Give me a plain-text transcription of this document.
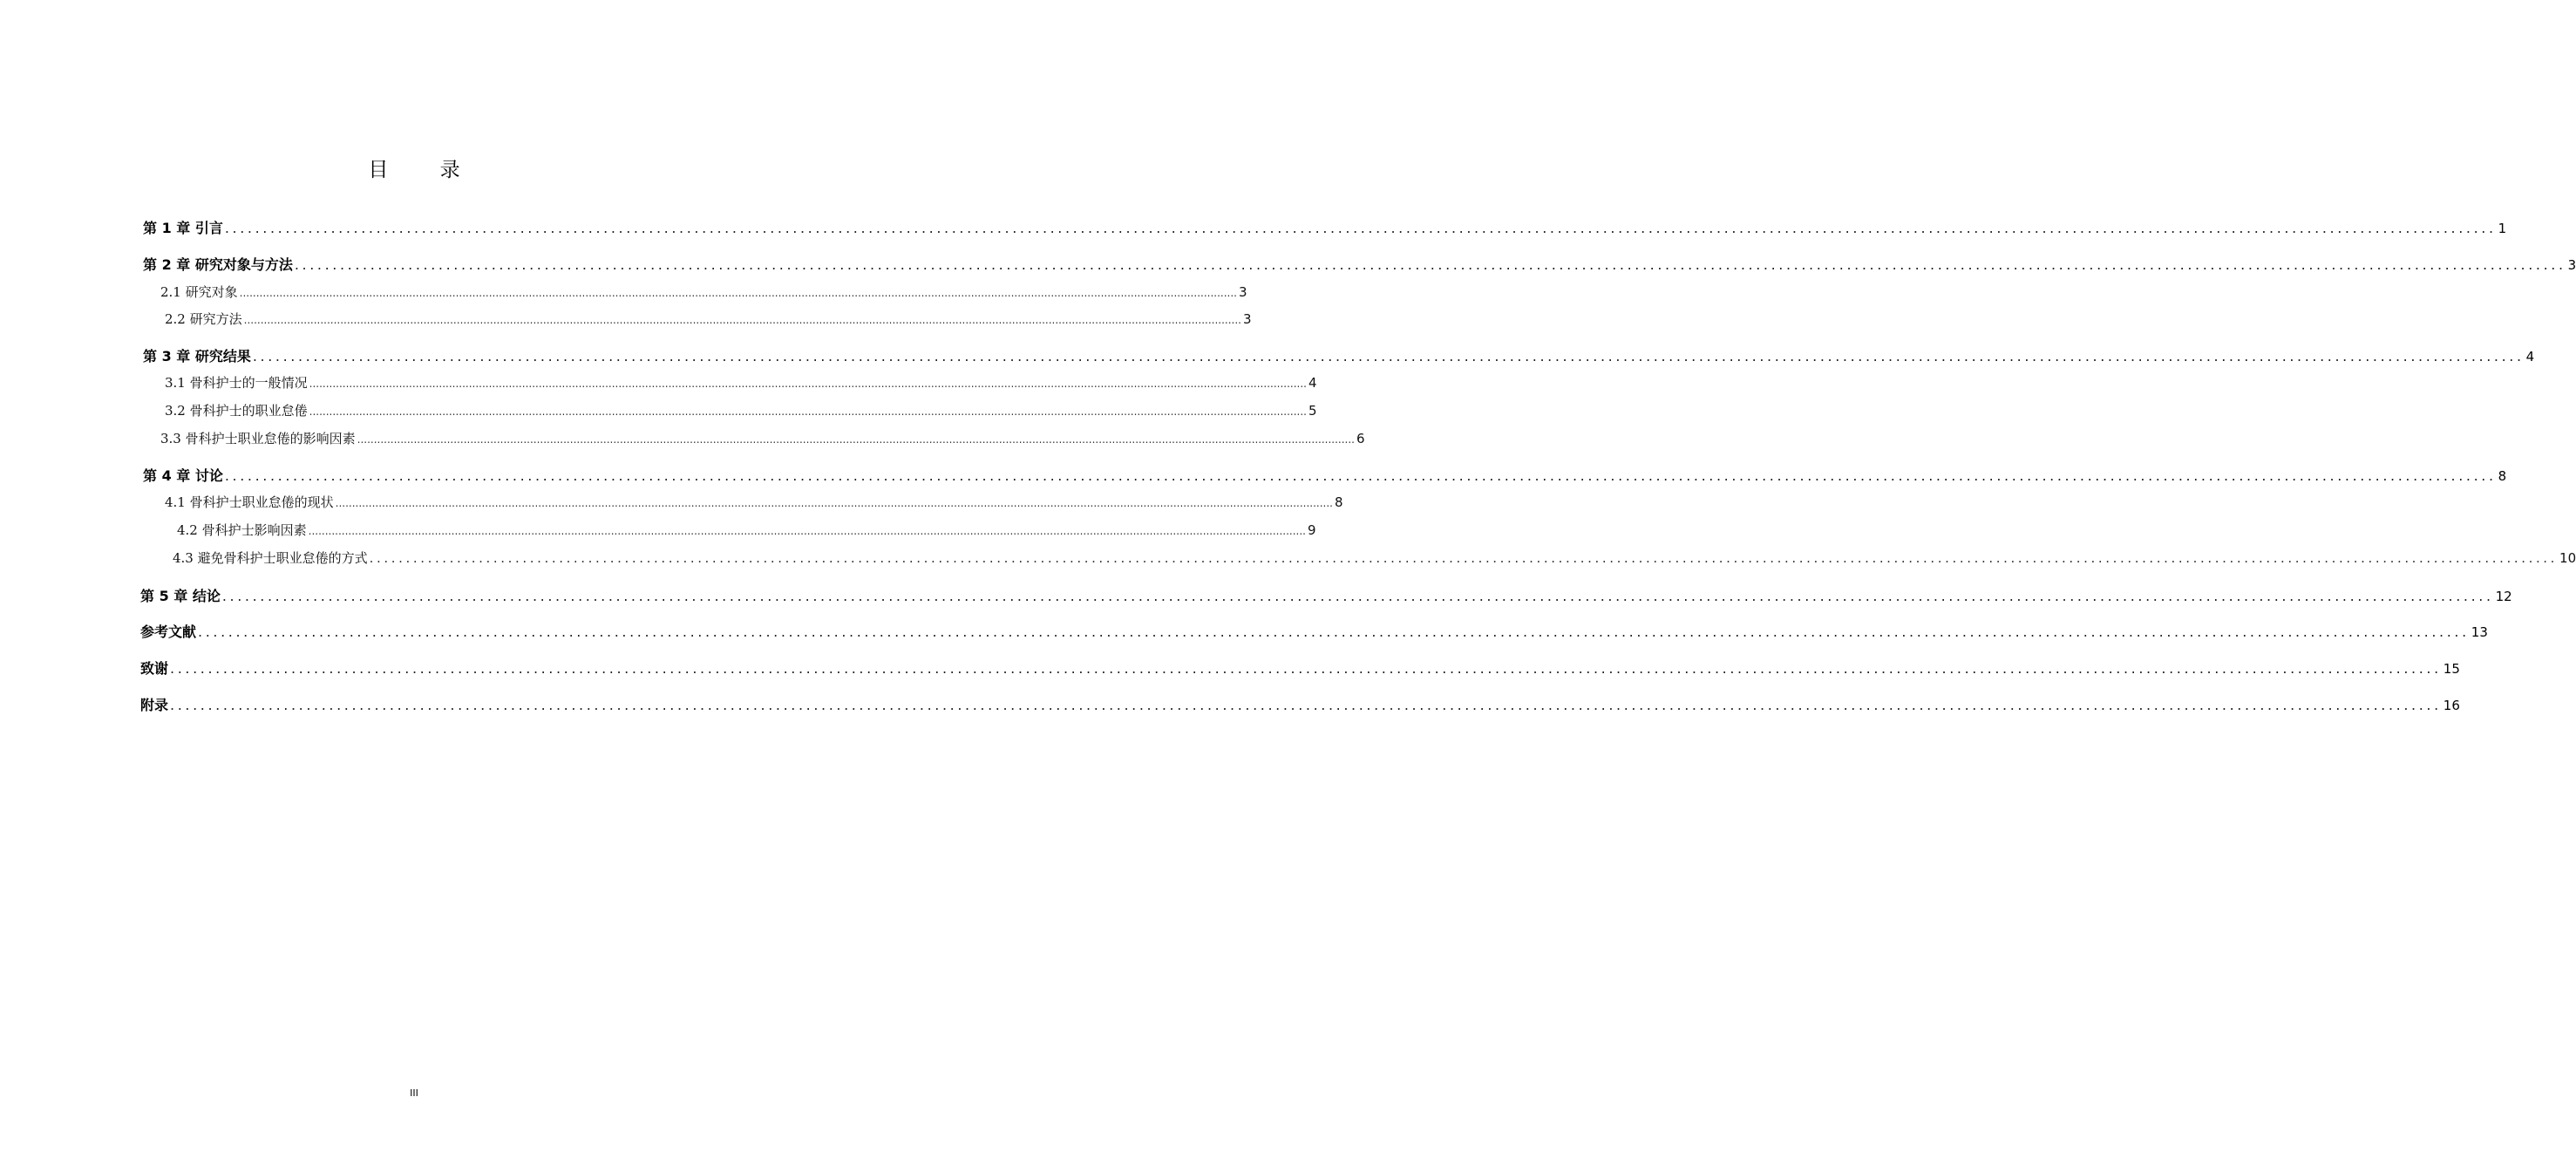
目 录
第 1 章 引言 ............................................................................................................................................................................................................................................................................................................ 1
第 2 章 研究对象与方法 ............................................................................................................................................................................................................................................................................................................ 3
2.1 研究对象 ............................................................................................................................................................................................................................................................................................................ 3
2.2 研究方法 ............................................................................................................................................................................................................................................................................................................ 3
第 3 章 研究结果 ............................................................................................................................................................................................................................................................................................................ 4
3.1 骨科护士的一般情况 ............................................................................................................................................................................................................................................................................................................ 4
3.2 骨科护士的职业怠倦 ............................................................................................................................................................................................................................................................................................................ 5
3.3 骨科护士职业怠倦的影响因素 ............................................................................................................................................................................................................................................................................................................ 6
第 4 章 讨论 ............................................................................................................................................................................................................................................................................................................ 8
4.1 骨科护士职业怠倦的现状 ............................................................................................................................................................................................................................................................................................................ 8
4.2 骨科护士影响因素 ............................................................................................................................................................................................................................................................................................................ 9
4.3 避免骨科护士职业怠倦的方式 ............................................................................................................................................................................................................................................................................................................ 10
第 5 章 结论 ............................................................................................................................................................................................................................................................................................................ 12
参考文献 ............................................................................................................................................................................................................................................................................................................ 13
致谢 ............................................................................................................................................................................................................................................................................................................ 15
附录 ............................................................................................................................................................................................................................................................................................................ 16
III
